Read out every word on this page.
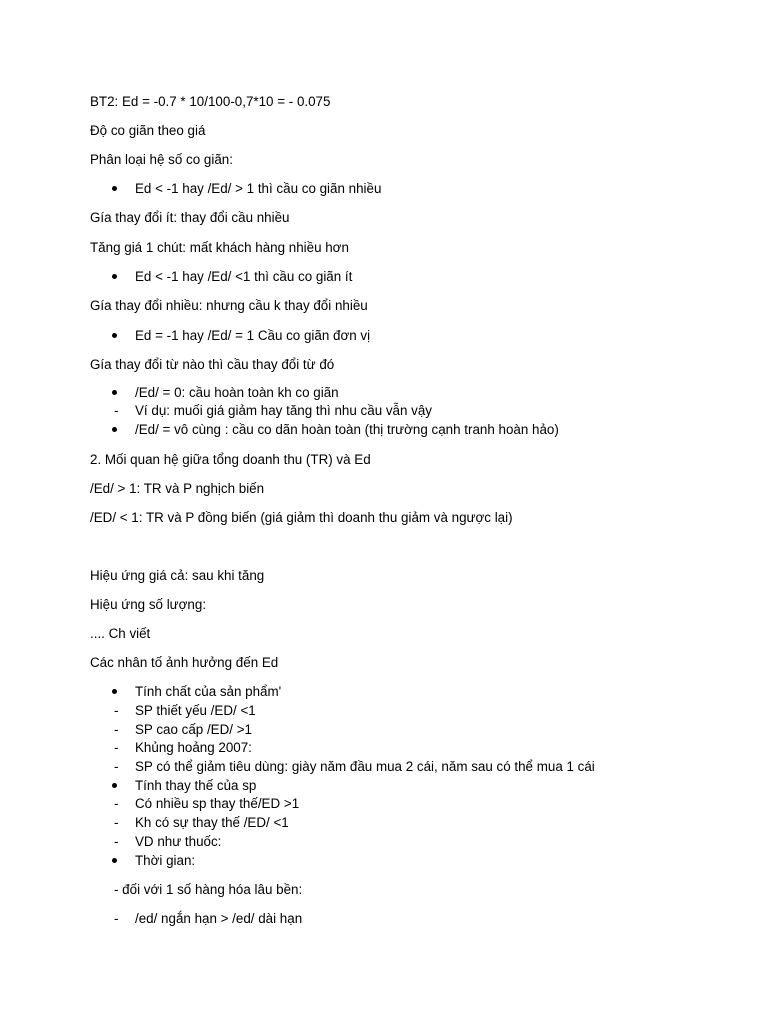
BT2: Ed = -0.7 * 10/100-0,7*10 = - 0.075
Độ co giãn theo giá
Phân loại hệ số co giãn:
Ed < -1 hay /Ed/ > 1 thì cầu co giãn nhiều
Gía thay đổi ít: thay đổi cầu nhiều
Tăng giá 1 chút: mất khách hàng nhiều hơn
Ed < -1 hay /Ed/ <1 thì cầu co giãn ít
Gía thay đổi nhiều: nhưng cầu k thay đổi nhiều
Ed = -1 hay /Ed/ = 1 Cầu co giãn đơn vị
Gía thay đổi từ nào thì cầu thay đổi từ đó
/Ed/ = 0: cầu hoàn toàn kh co giãn
- Ví dụ: muối giá giảm hay tăng thì nhu cầu vẫn vậy
/Ed/ = vô cùng : cầu co dãn hoàn toàn (thị trường cạnh tranh hoàn hảo)
2. Mối quan hệ giữa tổng doanh thu (TR) và Ed
/Ed/ > 1: TR và P nghịch biến
/ED/ < 1: TR và P đồng biến (giá giảm thì doanh thu giảm và ngược lại)
Hiệu ứng giá cả: sau khi tăng
Hiệu ứng số lượng:
.... Ch viết
Các nhân tố ảnh hưởng đến Ed
Tính chất của sản phẩm'
- SP thiết yếu /ED/ <1
- SP cao cấp /ED/ >1
- Khủng hoảng 2007:
- SP có thể giảm tiêu dùng: giày năm đầu mua 2 cái, năm sau có thể mua 1 cái
Tính thay thế của sp
- Có nhiều sp thay thế/ED >1
- Kh có sự thay thế /ED/ <1
- VD như thuốc:
Thời gian:
- đối với 1 số hàng hóa lâu bền:
- /ed/ ngắn hạn > /ed/ dài hạn
